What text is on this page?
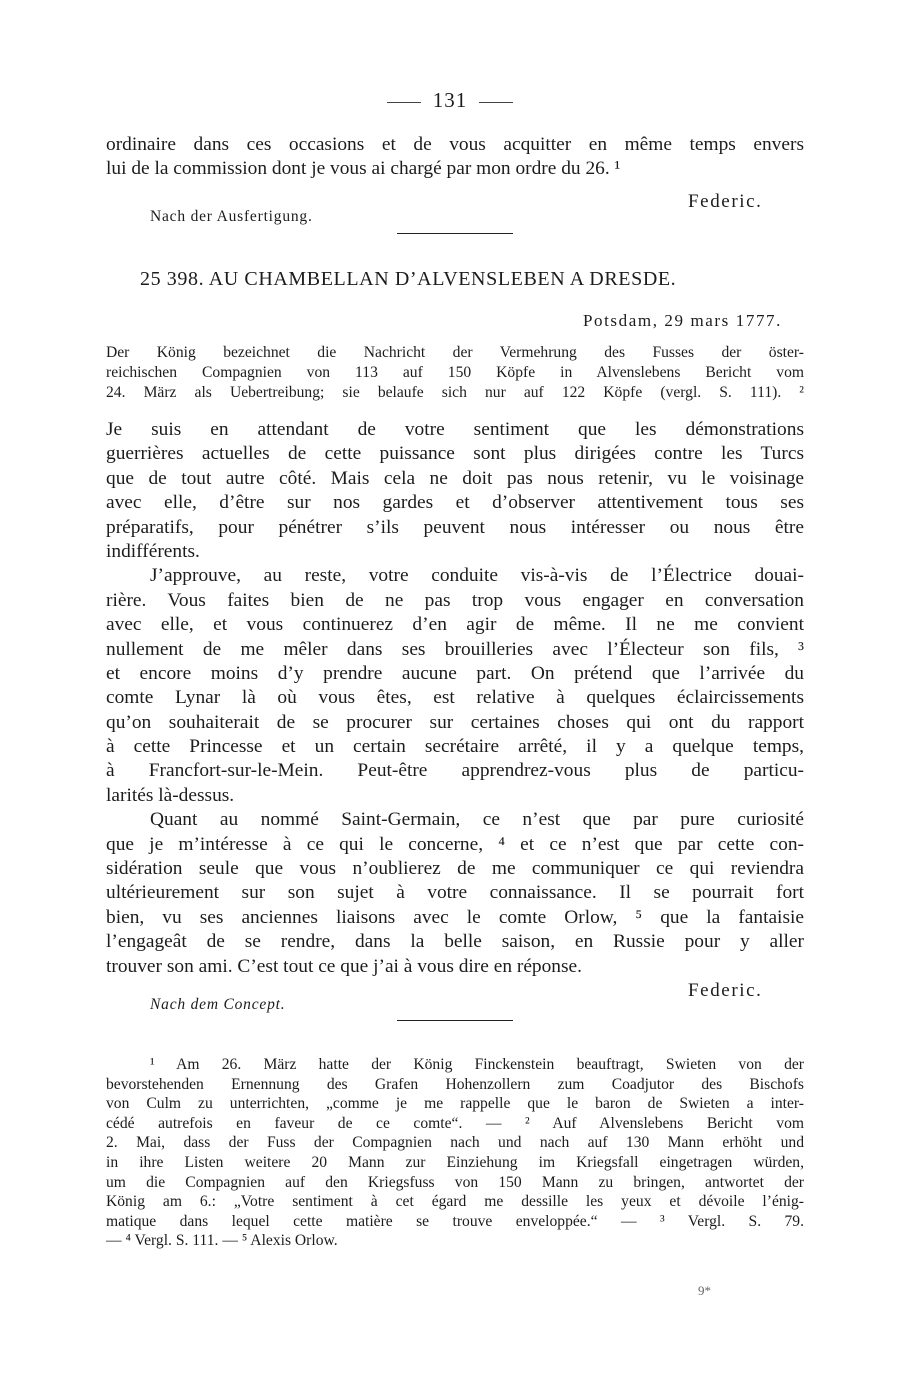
131
ordinaire dans ces occasions et de vous acquitter en même temps envers
lui de la commission dont je vous ai chargé par mon ordre du 26. ¹
Federic.
Nach der Ausfertigung.
25 398. AU CHAMBELLAN D’ALVENSLEBEN A DRESDE.
Potsdam, 29 mars 1777.
Der König bezeichnet die Nachricht der Vermehrung des Fusses der öster-
reichischen Compagnien von 113 auf 150 Köpfe in Alvenslebens Bericht vom
24. März als Uebertreibung; sie belaufe sich nur auf 122 Köpfe (vergl. S. 111). ²
Je suis en attendant de votre sentiment que les démonstrations
guerrières actuelles de cette puissance sont plus dirigées contre les Turcs
que de tout autre côté. Mais cela ne doit pas nous retenir, vu le voisinage
avec elle, d’être sur nos gardes et d’observer attentivement tous ses
préparatifs, pour pénétrer s’ils peuvent nous intéresser ou nous être
indifférents.
J’approuve, au reste, votre conduite vis-à-vis de l’Électrice douai-
rière. Vous faites bien de ne pas trop vous engager en conversation
avec elle, et vous continuerez d’en agir de même. Il ne me convient
nullement de me mêler dans ses brouilleries avec l’Électeur son fils, ³
et encore moins d’y prendre aucune part. On prétend que l’arrivée du
comte Lynar là où vous êtes, est relative à quelques éclaircissements
qu’on souhaiterait de se procurer sur certaines choses qui ont du rapport
à cette Princesse et un certain secrétaire arrêté, il y a quelque temps,
à Francfort-sur-le-Mein. Peut-être apprendrez-vous plus de particu-
larités là-dessus.
Quant au nommé Saint-Germain, ce n’est que par pure curiosité
que je m’intéresse à ce qui le concerne, ⁴ et ce n’est que par cette con-
sidération seule que vous n’oublierez de me communiquer ce qui reviendra
ultérieurement sur son sujet à votre connaissance. Il se pourrait fort
bien, vu ses anciennes liaisons avec le comte Orlow, ⁵ que la fantaisie
l’engageât de se rendre, dans la belle saison, en Russie pour y aller
trouver son ami. C’est tout ce que j’ai à vous dire en réponse.
Federic.
Nach dem Concept.
¹ Am 26. März hatte der König Finckenstein beauftragt, Swieten von der
bevorstehenden Ernennung des Grafen Hohenzollern zum Coadjutor des Bischofs
von Culm zu unterrichten, „comme je me rappelle que le baron de Swieten a inter-
cédé autrefois en faveur de ce comte“. — ² Auf Alvenslebens Bericht vom
2. Mai, dass der Fuss der Compagnien nach und nach auf 130 Mann erhöht und
in ihre Listen weitere 20 Mann zur Einziehung im Kriegsfall eingetragen würden,
um die Compagnien auf den Kriegsfuss von 150 Mann zu bringen, antwortet der
König am 6.: „Votre sentiment à cet égard me dessille les yeux et dévoile l’énig-
matique dans lequel cette matière se trouve enveloppée.“ — ³ Vergl. S. 79.
— ⁴ Vergl. S. 111. — ⁵ Alexis Orlow.
9*
